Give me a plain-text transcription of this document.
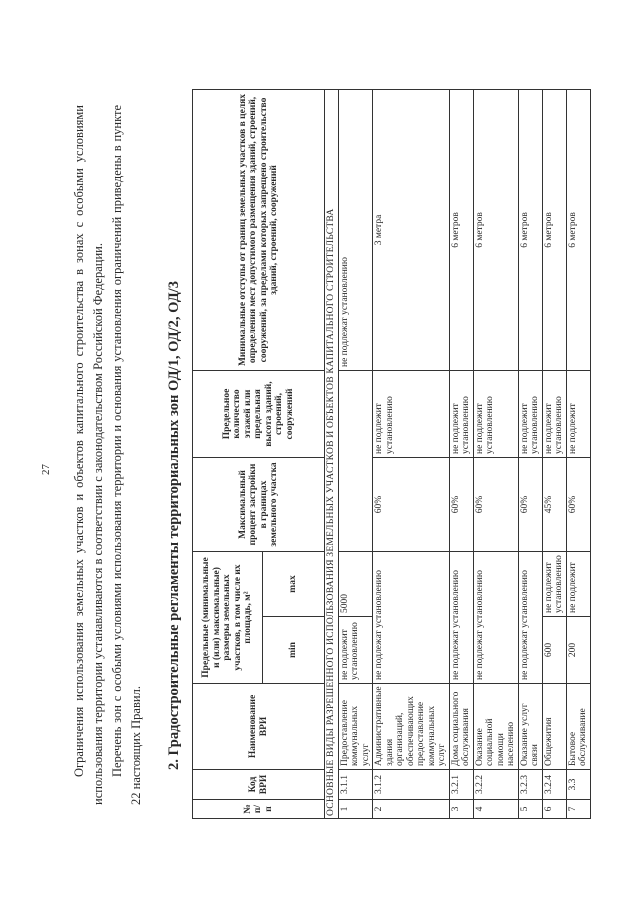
27 Ограничения использования земельных участков и объектов капитального строительства в зонах с особыми условиями использования территории устанавливаются в соответствии с законодательством Российской Федерации. Перечень зон с особыми условиями использования территории и основания установления ограничений приведены в пункте 22 настоящих Правил. 2. Градостроительные регламенты территориальных зон ОД/1, ОД/2, ОД/3
№ п/п	Код ВРИ	Наименование ВРИ	Предельные (минимальные и (или) максимальные) размеры земельных участков, в том числе их площадь, м²		Максимальный процент застройки в границах земельного участка	Предельное количество этажей или предельная высота зданий, строений, сооружений	Минимальные отступы от границ земельных участков в целях определения мест допустимого размещения зданий, строений, сооружений, за пределами которых запрещено строительство зданий, строений, сооружений
			min	max			
ОСНОВНЫЕ ВИДЫ РАЗРЕШЕННОГО ИСПОЛЬЗОВАНИЯ ЗЕМЕЛЬНЫХ УЧАСТКОВ И ОБЪЕКТОВ КАПИТАЛЬНОГО СТРОИТЕЛЬСТВА							
1	3.1.1	Предоставление коммунальных услуг	не подлежит установлению	5000			не подлежат установлению
2	3.1.2	Административные здания организаций, обеспечивающих предоставление коммунальных услуг	не подлежат установлению		60%	не подлежит установлению	3 метра
3	3.2.1	Дома социального обслуживания	не подлежат установлению		60%	не подлежит установлению	6 метров
4	3.2.2	Оказание социальной помощи населению	не подлежат установлению		60%	не подлежит установлению	6 метров
5	3.2.3	Оказание услуг связи	не подлежат установлению		60%	не подлежит установлению	6 метров
6	3.2.4	Общежития	600	не подлежит установлению	45%	не подлежит установлению	6 метров
7	3.3	Бытовое обслуживание	200	не подлежит	60%	не подлежит	6 метров
